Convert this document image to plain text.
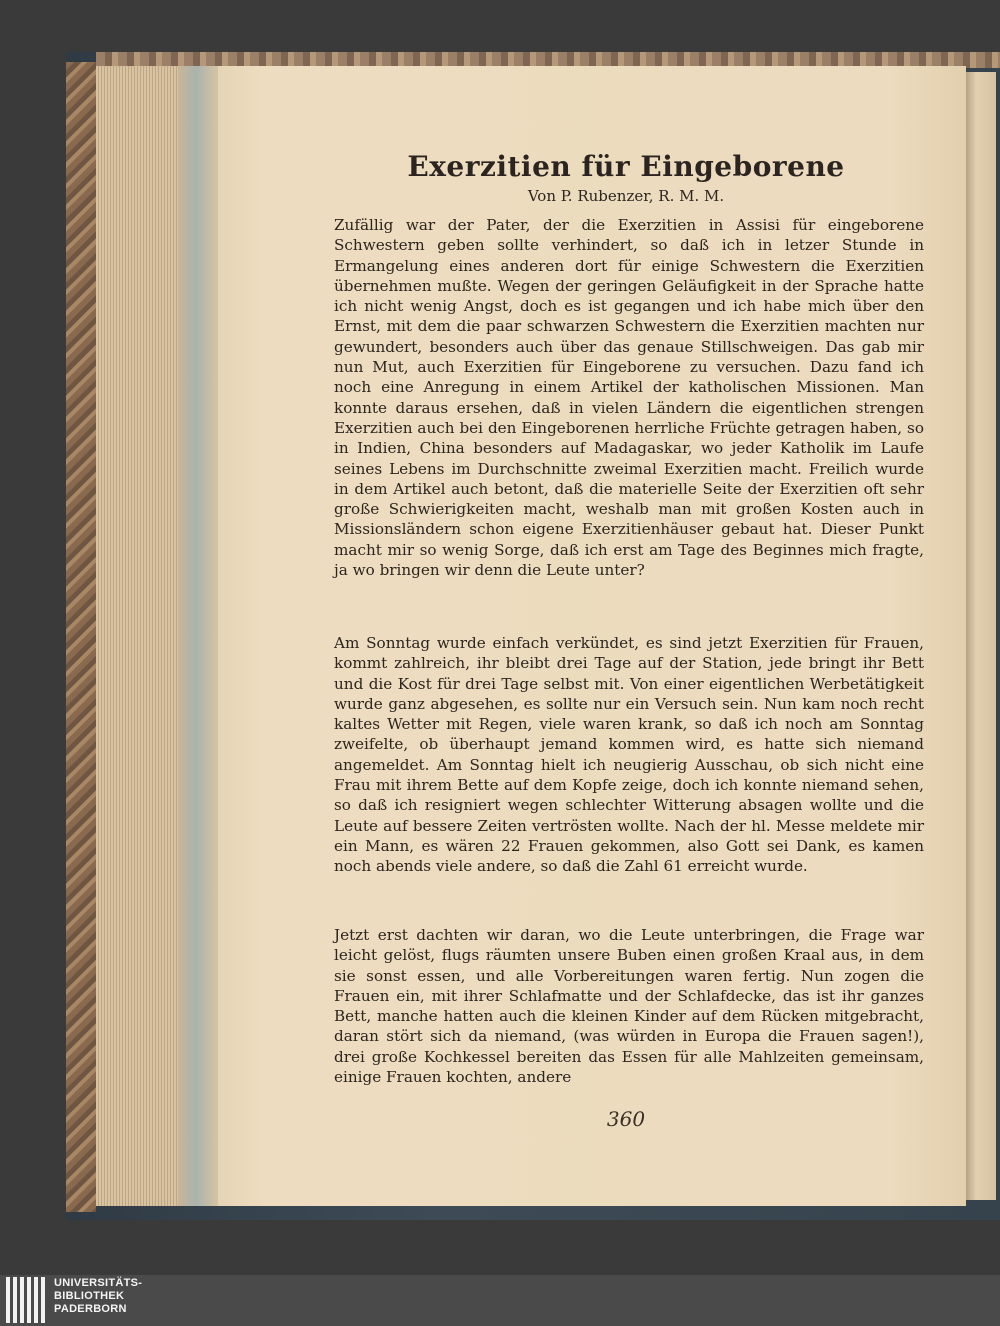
Exerzitien für Eingeborene

Von P. Rubenzer, R. M. M.

Zufällig war der Pater, der die Exerzitien in Assisi für eingeborene Schwestern geben sollte verhindert, so daß ich in letzer Stunde in Ermangelung eines anderen dort für einige Schwestern die Exerzitien übernehmen mußte. Wegen der geringen Geläufigkeit in der Sprache hatte ich nicht wenig Angst, doch es ist gegangen und ich habe mich über den Ernst, mit dem die paar schwarzen Schwestern die Exerzitien machten nur gewundert, besonders auch über das genaue Stillschweigen. Das gab mir nun Mut, auch Exerzitien für Eingeborene zu versuchen. Dazu fand ich noch eine Anregung in einem Artikel der katholischen Missionen. Man konnte daraus ersehen, daß in vielen Ländern die eigentlichen strengen Exerzitien auch bei den Eingeborenen herrliche Früchte getragen haben, so in Indien, China besonders auf Madagaskar, wo jeder Katholik im Laufe seines Lebens im Durchschnitte zweimal Exerzitien macht. Freilich wurde in dem Artikel auch betont, daß die materielle Seite der Exerzitien oft sehr große Schwierigkeiten macht, weshalb man mit großen Kosten auch in Missionsländern schon eigene Exerzitienhäuser gebaut hat. Dieser Punkt macht mir so wenig Sorge, daß ich erst am Tage des Beginnes mich fragte, ja wo bringen wir denn die Leute unter?

Am Sonntag wurde einfach verkündet, es sind jetzt Exerzitien für Frauen, kommt zahlreich, ihr bleibt drei Tage auf der Station, jede bringt ihr Bett und die Kost für drei Tage selbst mit. Von einer eigentlichen Werbetätigkeit wurde ganz abgesehen, es sollte nur ein Versuch sein. Nun kam noch recht kaltes Wetter mit Regen, viele waren krank, so daß ich noch am Sonntag zweifelte, ob überhaupt jemand kommen wird, es hatte sich niemand angemeldet. Am Sonntag hielt ich neugierig Ausschau, ob sich nicht eine Frau mit ihrem Bette auf dem Kopfe zeige, doch ich konnte niemand sehen, so daß ich resigniert wegen schlechter Witterung absagen wollte und die Leute auf bessere Zeiten vertrösten wollte. Nach der hl. Messe meldete mir ein Mann, es wären 22 Frauen gekommen, also Gott sei Dank, es kamen noch abends viele andere, so daß die Zahl 61 erreicht wurde.

Jetzt erst dachten wir daran, wo die Leute unterbringen, die Frage war leicht gelöst, flugs räumten unsere Buben einen großen Kraal aus, in dem sie sonst essen, und alle Vorbereitungen waren fertig. Nun zogen die Frauen ein, mit ihrer Schlafmatte und der Schlafdecke, das ist ihr ganzes Bett, manche hatten auch die kleinen Kinder auf dem Rücken mitgebracht, daran stört sich da niemand, (was würden in Europa die Frauen sagen!), drei große Kochkessel bereiten das Essen für alle Mahlzeiten gemeinsam, einige Frauen kochten, andere

360

UNIVERSITÄTS-
BIBLIOTHEK
PADERBORN
